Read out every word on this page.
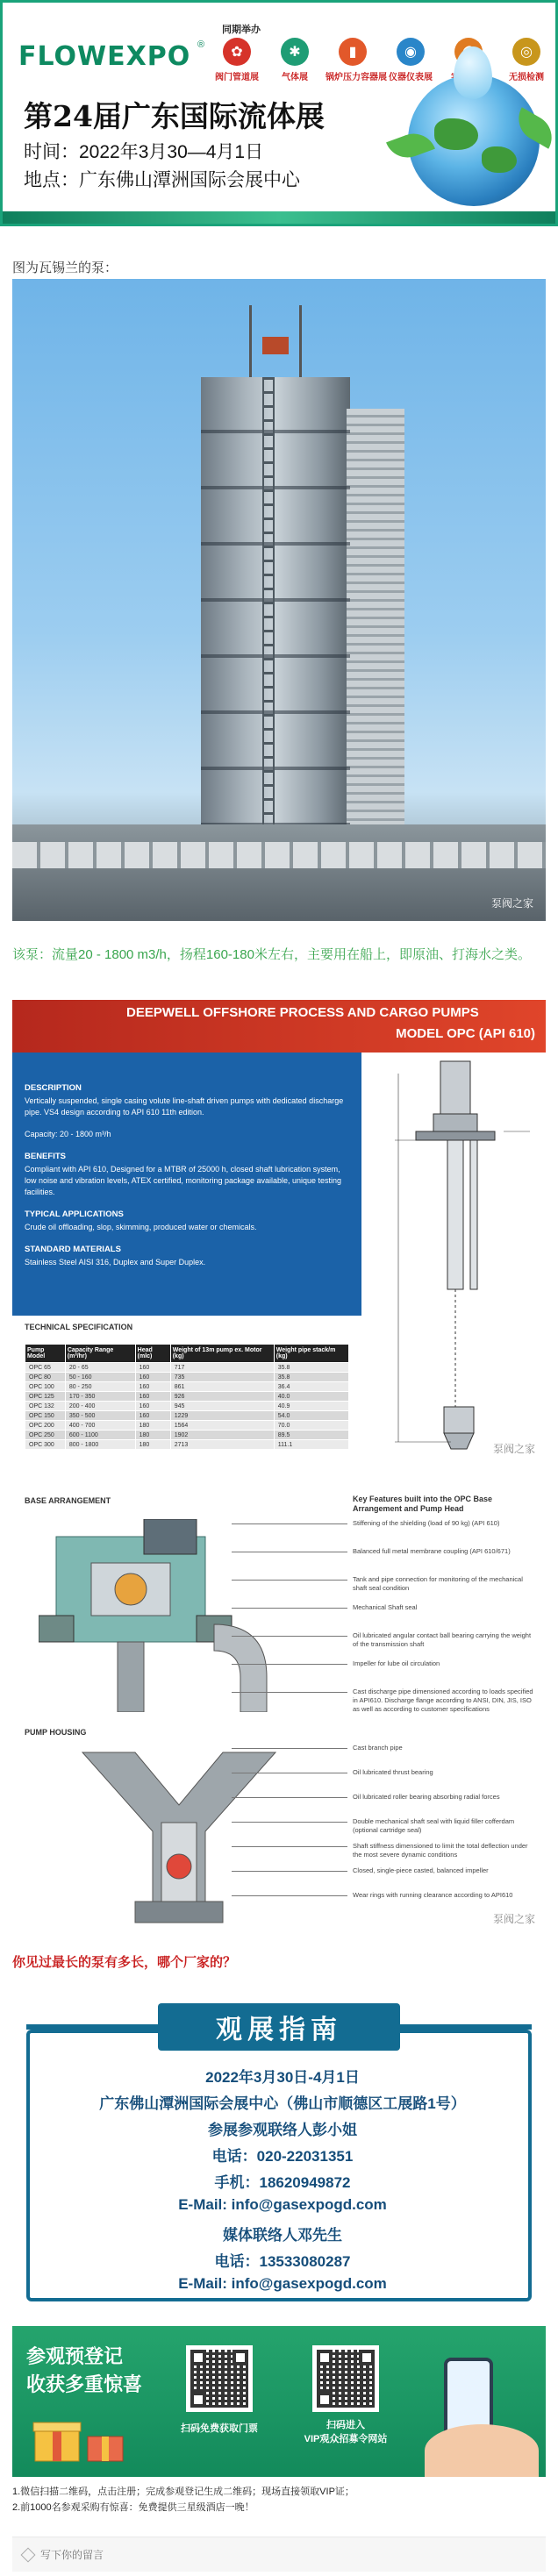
FLOWEXPO ®
同期举办
✿
阀门管道展
✱
气体展
▮
锅炉压力容器展
◉
仪器仪表展
◎
无损检测
第24届广东国际流体展
时间：2022年3月30—4月1日
地点：广东佛山潭洲国际会展中心
图为瓦锡兰的泵：
泵阀之家
该泵：流量20 - 1800 m3/h，扬程160-180米左右，主要用在船上，即原油、打海水之类。
DEEPWELL OFFSHORE PROCESS AND CARGO PUMPS
MODEL OPC (API 610)
DESCRIPTION
Vertically suspended, single casing volute line-shaft driven pumps with dedicated discharge pipe. VS4 design according to API 610 11th edition.
Capacity: 20 - 1800 m³/h
BENEFITS
Compliant with API 610, Designed for a MTBR of 25000 h, closed shaft lubrication system, low noise and vibration levels, ATEX certified, monitoring package available, unique testing facilities.
TYPICAL APPLICATIONS
Crude oil offloading, slop, skimming, produced water or chemicals.
STANDARD MATERIALS
Stainless Steel AISI 316, Duplex and Super Duplex.
TECHNICAL SPECIFICATION
Pump Model	Capacity Range (m³/hr)	Head (mlc)	Weight of 13m pump ex. Motor (kg)	Weight pipe stack/m (kg)
OPC 65	20 - 65	160	717	35.8
OPC 80	50 - 160	160	735	35.8
OPC 100	80 - 250	160	861	36.4
OPC 125	170 - 350	160	926	40.0
OPC 132	200 - 400	160	945	40.9
OPC 150	350 - 500	160	1229	54.0
OPC 200	400 - 700	180	1564	70.0
OPC 250	600 - 1100	180	1902	89.5
OPC 300	800 - 1800	180	2713	111.1	泵阀之家
BASE ARRANGEMENT	Key Features built into the OPC Base Arrangement and Pump Head
PUMP HOUSING
Stiffening of the shielding (load of 90 kg) (API 610)
Balanced full metal membrane coupling (API 610/671)
Tank and pipe connection for monitoring of the mechanical shaft seal condition
Mechanical Shaft seal
Oil lubricated angular contact ball bearing carrying the weight of the transmission shaft
Impeller for lube oil circulation
Cast discharge pipe dimensioned according to loads specified in API610. Discharge flange according to ANSI, DIN, JIS, ISO as well as according to customer specifications
Cast branch pipe
Oil lubricated thrust bearing
Oil lubricated roller bearing absorbing radial forces
Double mechanical shaft seal with liquid filler cofferdam (optional cartridge seal)
Shaft stiffness dimensioned to limit the total deflection under the most severe dynamic conditions
Closed, single-piece casted, balanced impeller
Wear rings with running clearance according to API610
泵阀之家
你见过最长的泵有多长，哪个厂家的？
2022年3月30日-4月1日
广东佛山潭洲国际会展中心（佛山市顺德区工展路1号）
参展参观联络人彭小姐
电话：020-22031351
手机：18620949872
E-Mail: info@gasexpogd.com
媒体联络人邓先生
电话：13533080287
E-Mail: info@gasexpogd.com
观展指南
参观预登记
收获多重惊喜
扫码免费获取门票	扫码进入
VIP观众招募令网站
1.微信扫描二维码，点击注册；完成参观登记生成二维码；现场直接领取VIP证；
2.前1000名参观采购有惊喜：免费提供三星级酒店一晚！
写下你的留言
